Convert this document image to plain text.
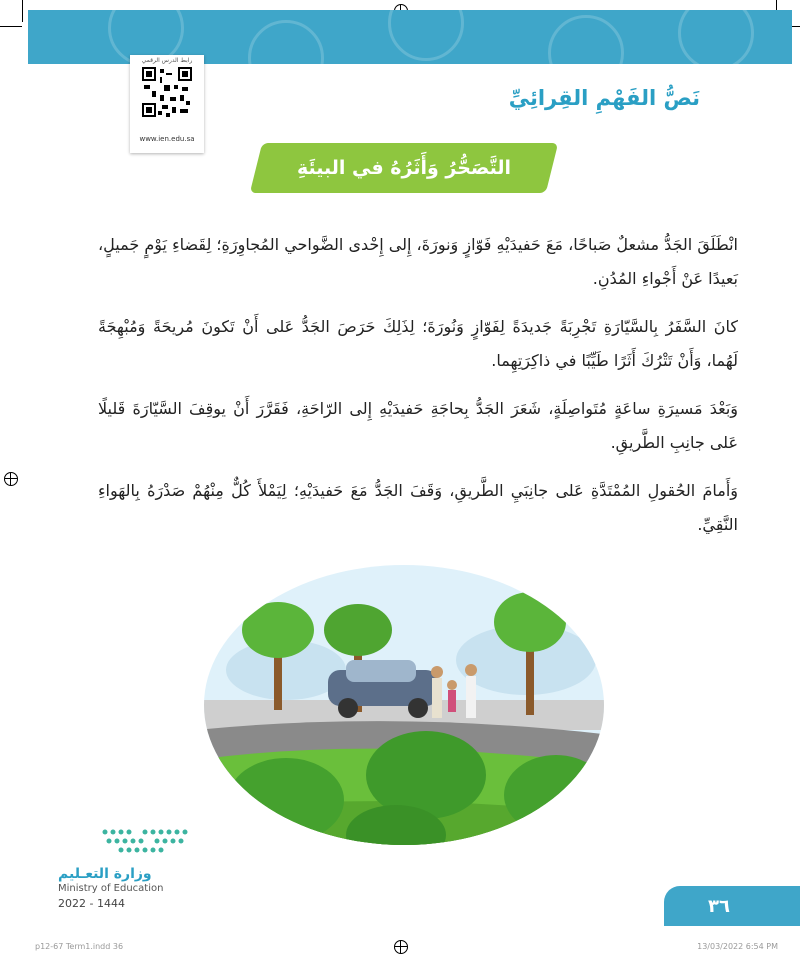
رابط الدرس الرقمي
www.ien.edu.sa
نَصُّ الفَهْمِ القِرائِيِّ
التَّصَحُّرُ وَأَثَرُهُ في البيئَةِ
انْطَلَقَ الجَدُّ مشعلٌ صَباحًا، مَعَ حَفيدَيْهِ فَوّازٍ وَنورَةَ، إِلى إِحْدى الضَّواحي المُجاوِرَةِ؛ لِقَضاءِ يَوْمٍ جَميلٍ، بَعيدًا عَنْ أَجْواءِ المُدُنِ.
كانَ السَّفَرُ بِالسَّيّارَةِ تَجْرِبَةً جَديدَةً لِفَوّازٍ وَنُورَةَ؛ لِذَلِكَ حَرَصَ الجَدُّ عَلى أَنْ تَكونَ مُريحَةً وَمُبْهِجَةً لَهُما، وَأَنْ تَتْرُكَ أَثَرًا طَيِّبًا في ذاكِرَتِهِما.
وَبَعْدَ مَسيرَةِ ساعَةٍ مُتَواصِلَةٍ، شَعَرَ الجَدُّ بِحاجَةِ حَفيدَيْهِ إِلى الرّاحَةِ، فَقَرَّرَ أَنْ يوقِفَ السَّيّارَةَ قَليلًا عَلى جانِبِ الطَّريقِ.
وَأَمامَ الحُقولِ المُمْتَدَّةِ عَلى جانِبَيِ الطَّريقِ، وَقَفَ الجَدُّ مَعَ حَفيدَيْهِ؛ لِيَمْلأَ كُلٌّ مِنْهُمْ صَدْرَهُ بِالهَواءِ النَّقِيِّ.
وزارة التعـليم
Ministry of Education
2022 - 1444	٣٦
p12-67 Term1.indd 36	13/03/2022 6:54 PM
